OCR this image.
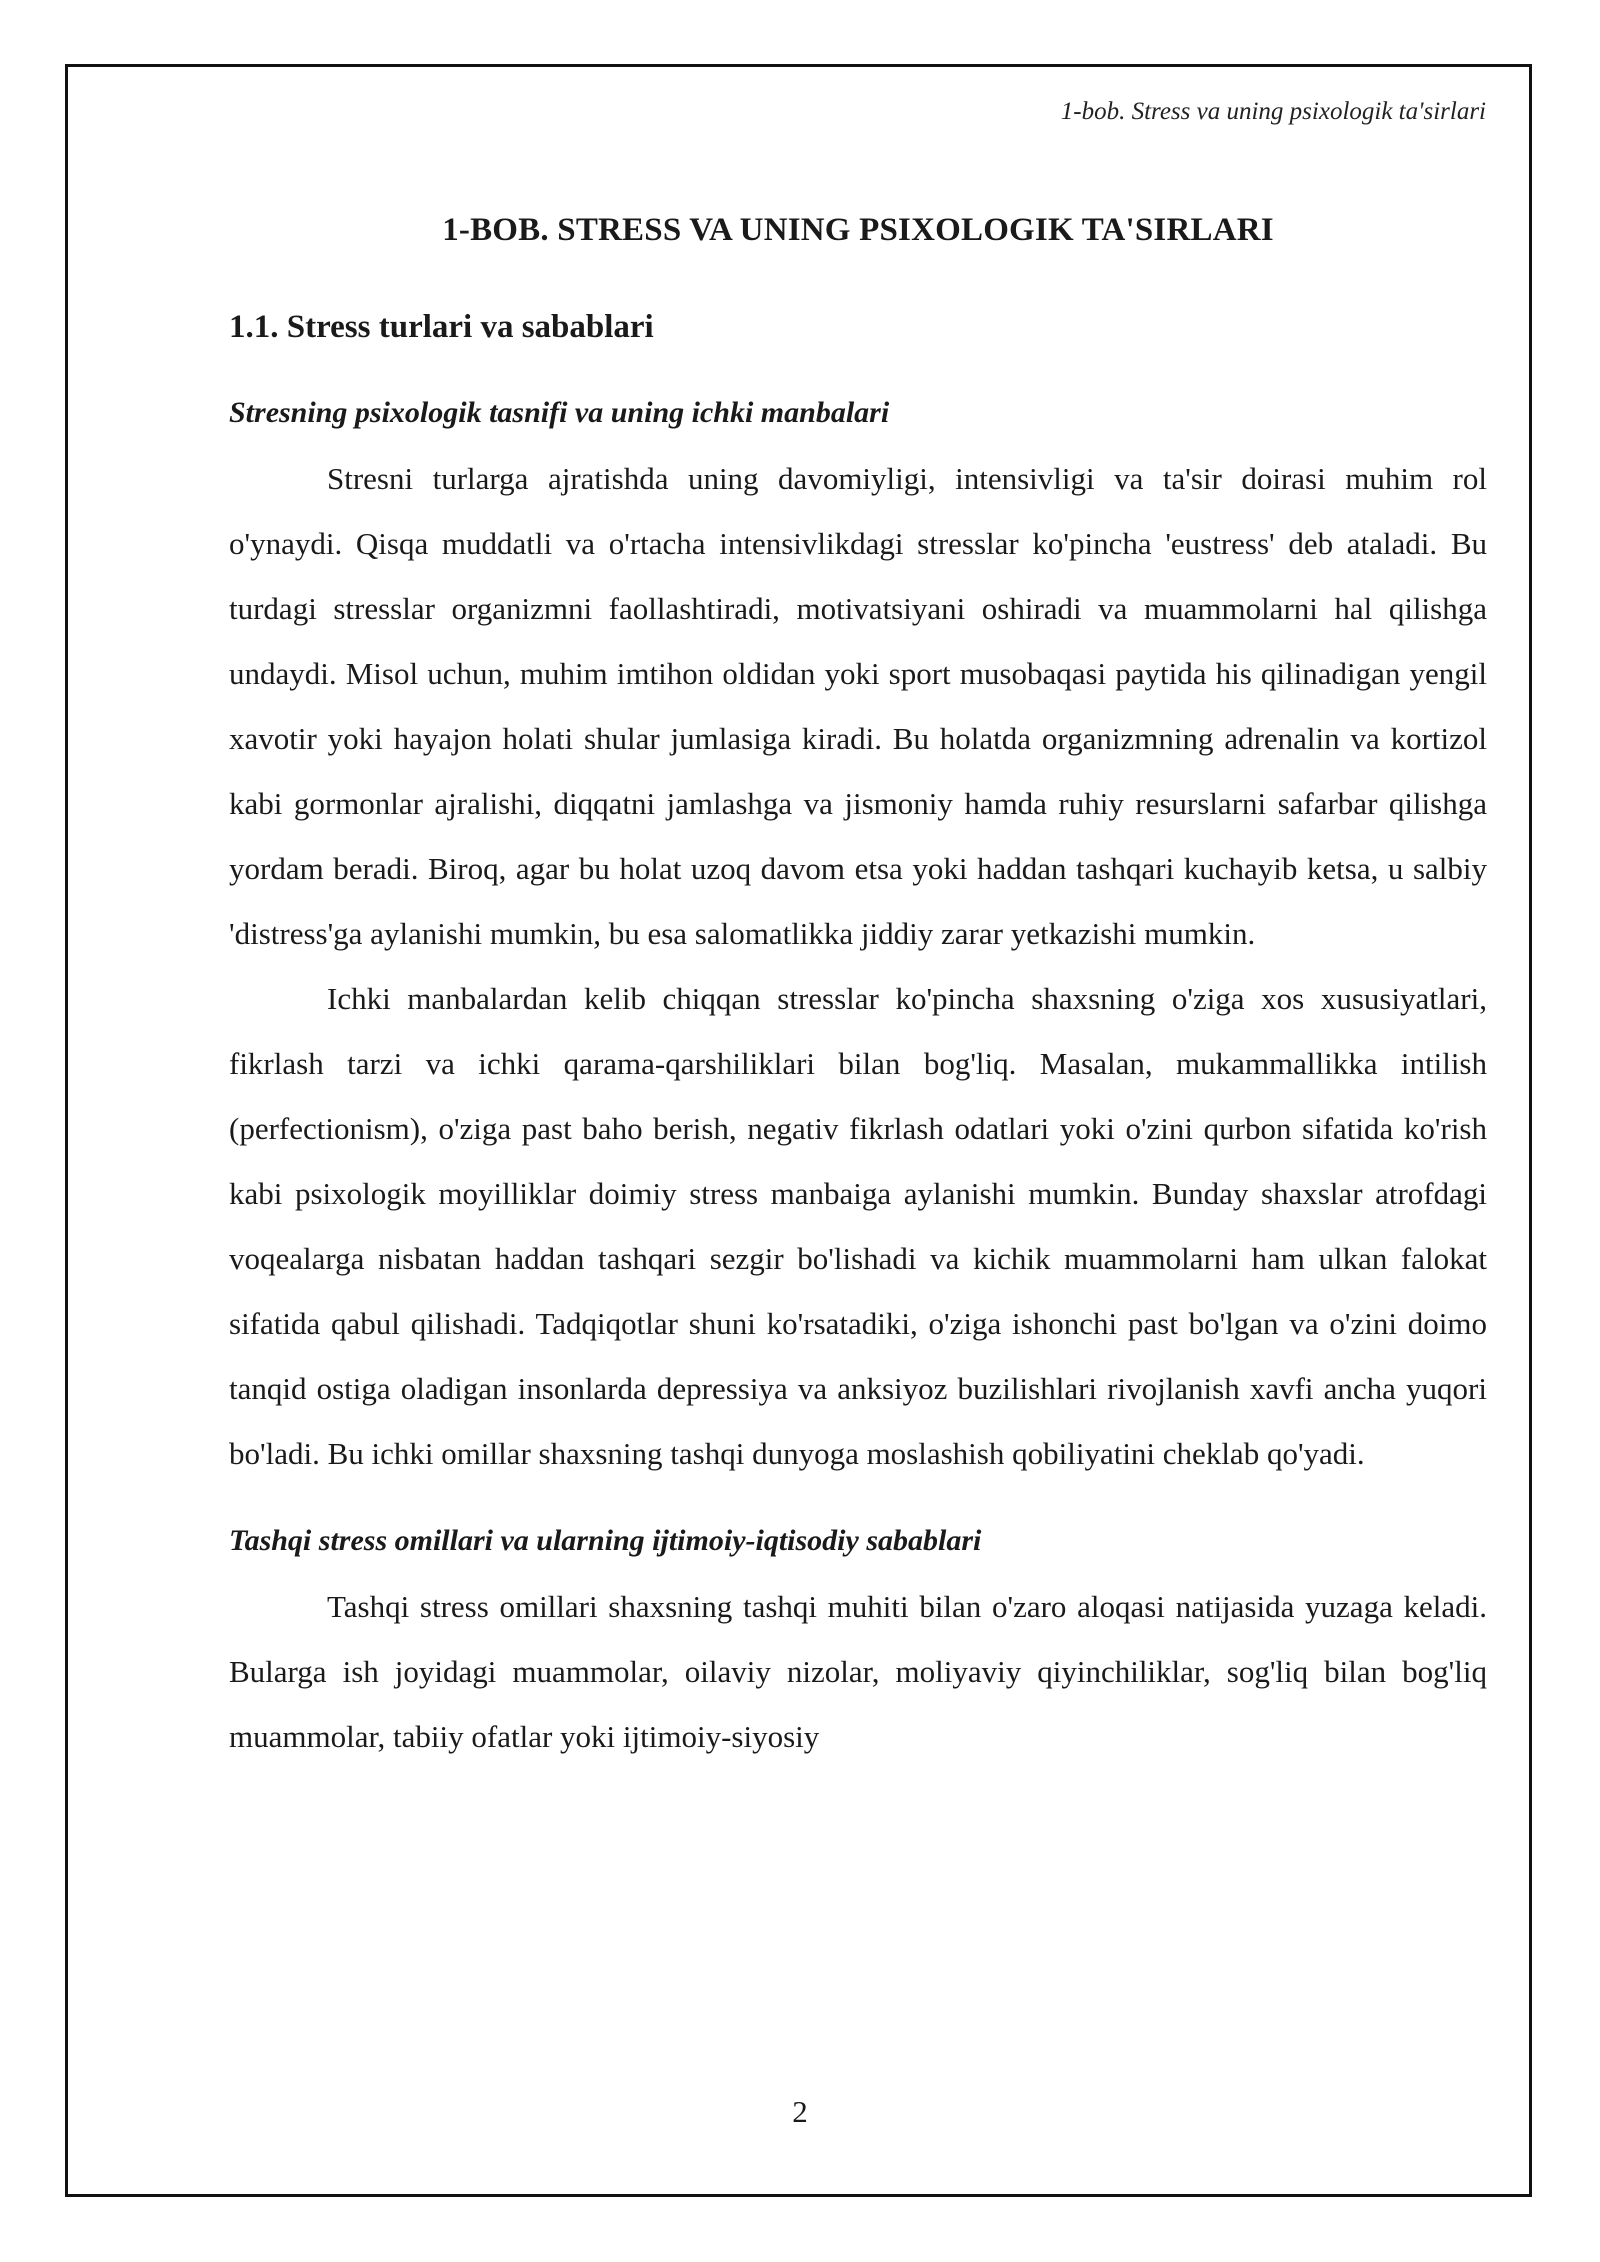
1-bob. Stress va uning psixologik ta'sirlari
1-BOB. STRESS VA UNING PSIXOLOGIK TA'SIRLARI
1.1. Stress turlari va sabablari
Stresning psixologik tasnifi va uning ichki manbalari

Stresni turlarga ajratishda uning davomiyligi, intensivligi va ta'sir doirasi muhim rol o'ynaydi. Qisqa muddatli va o'rtacha intensivlikdagi stresslar ko'pincha 'eustress' deb ataladi. Bu turdagi stresslar organizmni faollashtiradi, motivatsiyani oshiradi va muammolarni hal qilishga undaydi. Misol uchun, muhim imtihon oldidan yoki sport musobaqasi paytida his qilinadigan yengil xavotir yoki hayajon holati shular jumlasiga kiradi. Bu holatda organizmning adrenalin va kortizol kabi gormonlar ajralishi, diqqatni jamlashga va jismoniy hamda ruhiy resurslarni safarbar qilishga yordam beradi. Biroq, agar bu holat uzoq davom etsa yoki haddan tashqari kuchayib ketsa, u salbiy 'distress'ga aylanishi mumkin, bu esa salomatlikka jiddiy zarar yetkazishi mumkin.

Ichki manbalardan kelib chiqqan stresslar ko'pincha shaxsning o'ziga xos xususiyatlari, fikrlash tarzi va ichki qarama-qarshiliklari bilan bog'liq. Masalan, mukammallikka intilish (perfectionism), o'ziga past baho berish, negativ fikrlash odatlari yoki o'zini qurbon sifatida ko'rish kabi psixologik moyilliklar doimiy stress manbaiga aylanishi mumkin. Bunday shaxslar atrofdagi voqealarga nisbatan haddan tashqari sezgir bo'lishadi va kichik muammolarni ham ulkan falokat sifatida qabul qilishadi. Tadqiqotlar shuni ko'rsatadiki, o'ziga ishonchi past bo'lgan va o'zini doimo tanqid ostiga oladigan insonlarda depressiya va anksiyoz buzilishlari rivojlanish xavfi ancha yuqori bo'ladi. Bu ichki omillar shaxsning tashqi dunyoga moslashish qobiliyatini cheklab qo'yadi.

Tashqi stress omillari va ularning ijtimoiy-iqtisodiy sabablari

Tashqi stress omillari shaxsning tashqi muhiti bilan o'zaro aloqasi natijasida yuzaga keladi. Bularga ish joyidagi muammolar, oilaviy nizolar, moliyaviy qiyinchiliklar, sog'liq bilan bog'liq muammolar, tabiiy ofatlar yoki ijtimoiy-siyosiy

2
